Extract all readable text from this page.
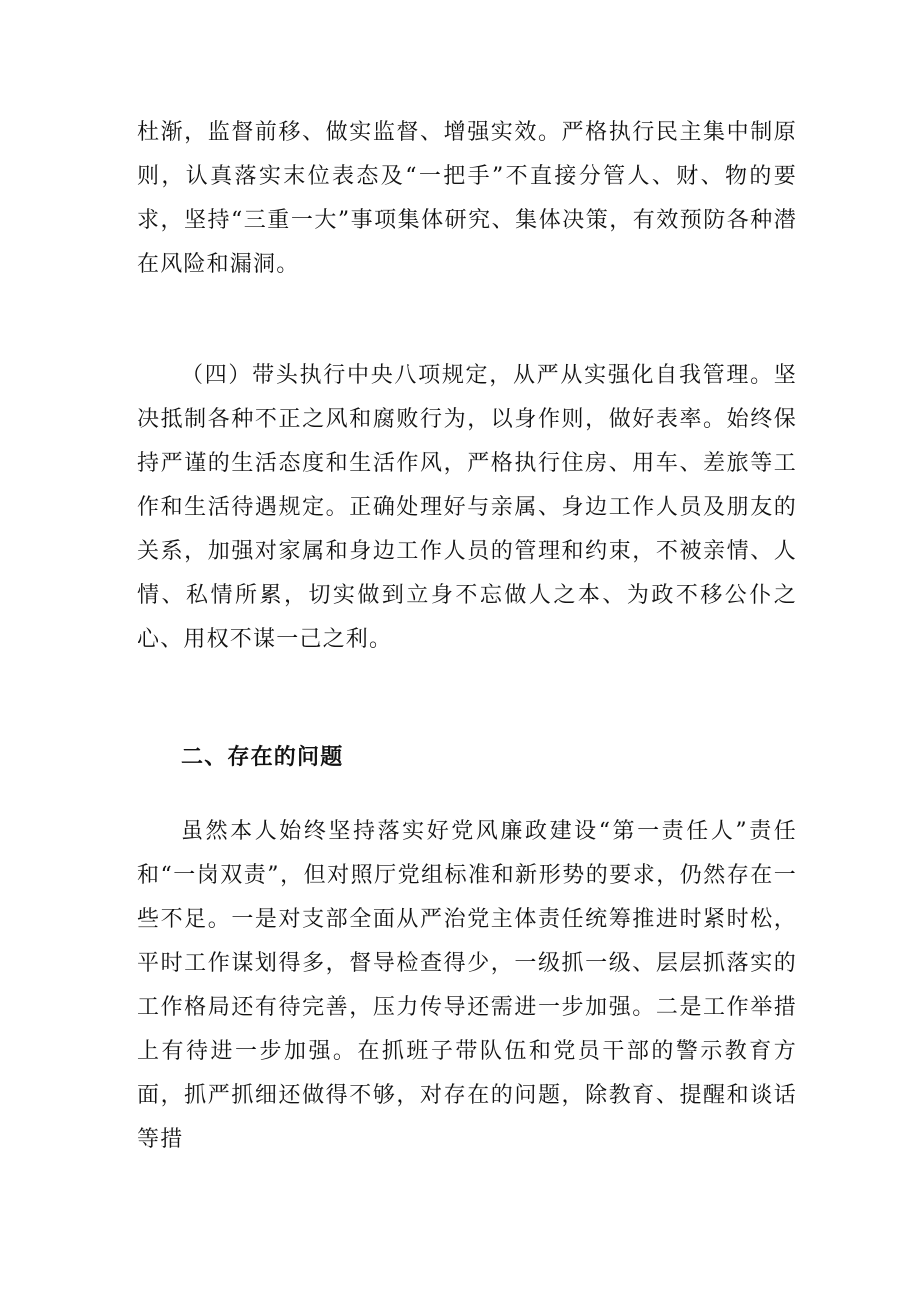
杜渐，监督前移、做实监督、增强实效。严格执行民主集中制原则，认真落实末位表态及“一把手”不直接分管人、财、物的要求，坚持“三重一大”事项集体研究、集体决策，有效预防各种潜在风险和漏洞。

（四）带头执行中央八项规定，从严从实强化自我管理。坚决抵制各种不正之风和腐败行为，以身作则，做好表率。始终保持严谨的生活态度和生活作风，严格执行住房、用车、差旅等工作和生活待遇规定。正确处理好与亲属、身边工作人员及朋友的关系，加强对家属和身边工作人员的管理和约束，不被亲情、人情、私情所累，切实做到立身不忘做人之本、为政不移公仆之心、用权不谋一己之利。

二、存在的问题

虽然本人始终坚持落实好党风廉政建设“第一责任人”责任和“一岗双责”，但对照厅党组标准和新形势的要求，仍然存在一些不足。一是对支部全面从严治党主体责任统筹推进时紧时松，平时工作谋划得多，督导检查得少，一级抓一级、层层抓落实的工作格局还有待完善，压力传导还需进一步加强。二是工作举措上有待进一步加强。在抓班子带队伍和党员干部的警示教育方面，抓严抓细还做得不够，对存在的问题，除教育、提醒和谈话等措
